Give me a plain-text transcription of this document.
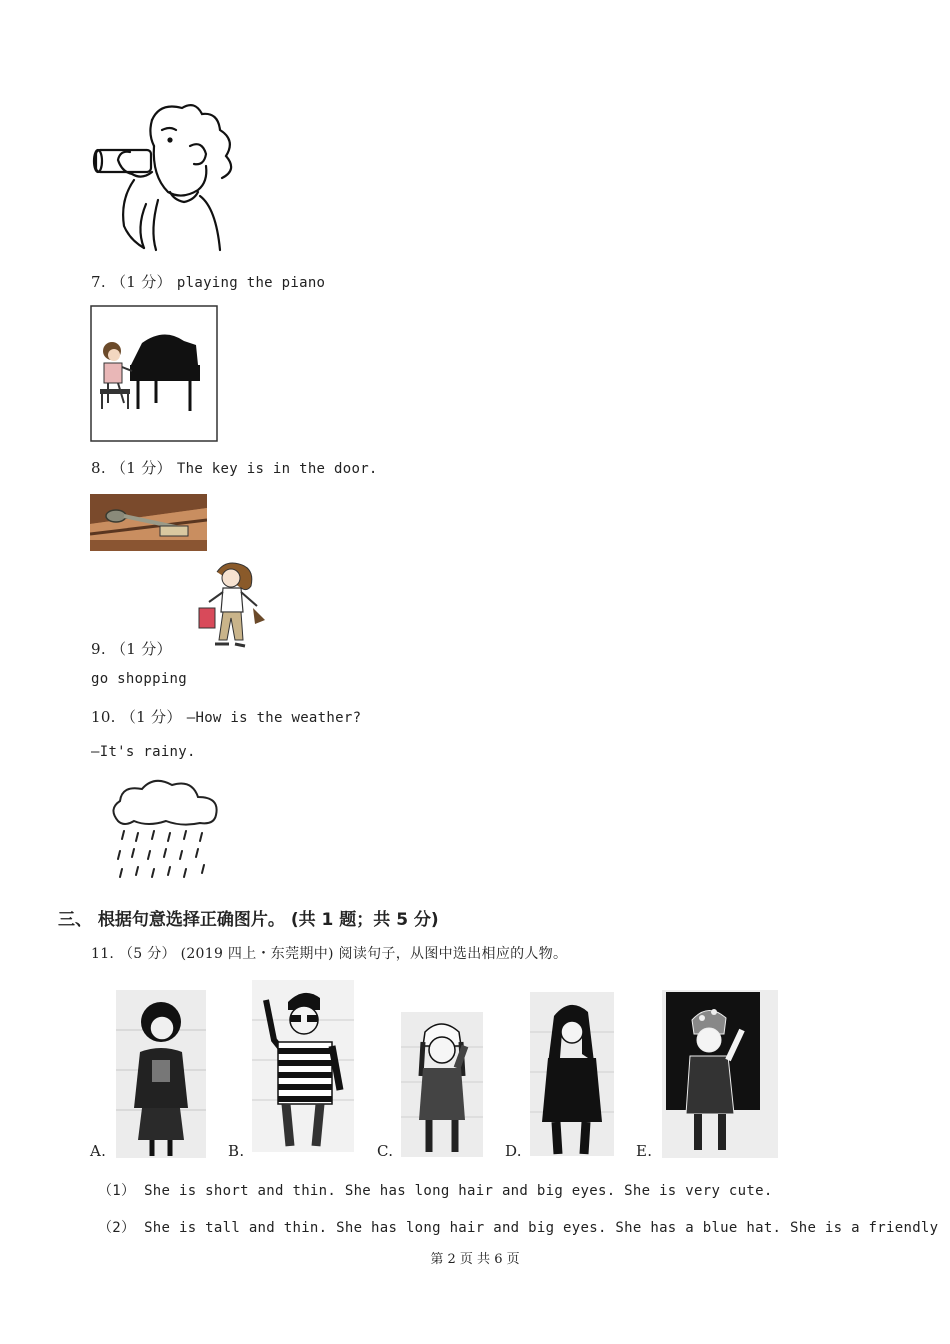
7. （1 分） playing the piano
8. （1 分） The key is in the door.
9. （1 分）
go shopping
10. （1 分） —How is the weather?
—It's rainy.
三、 根据句意选择正确图片。 (共 1 题；共 5 分)
11. （5 分） (2019 四上・东莞期中) 阅读句子，从图中选出相应的人物。
A.	B.	C.	D.	E.
（1） She is short and thin. She has long hair and big eyes. She is very cute.
（2） She is tall and thin. She has long hair and big eyes. She has a blue hat. She is a friendly
第 2 页 共 6 页
